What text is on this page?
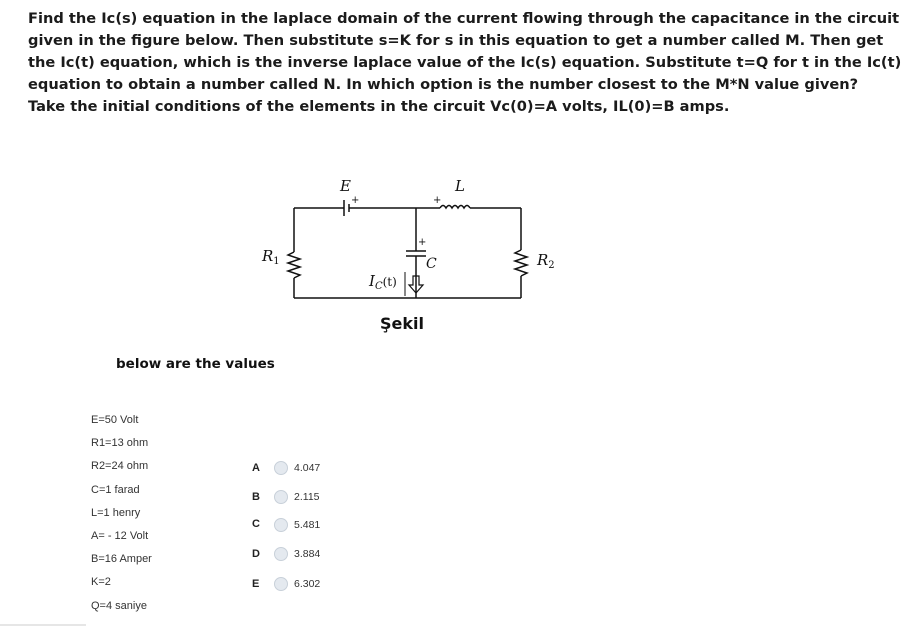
Find the Ic(s) equation in the laplace domain of the current flowing through the capacitance in the circuit
given in the figure below. Then substitute s=K for s in this equation to get a number called M. Then get
the Ic(t) equation, which is the inverse laplace value of the Ic(s) equation. Substitute t=Q for t in the Ic(t)
equation to obtain a number called N. In which option is the number closest to the M*N value given?
Take the initial conditions of the elements in the circuit Vc(0)=A volts, IL(0)=B amps.
E
+
L
+
+
C
$R_1$	$R_2$
$I_C^{(t)}$
Şekil
below are the values
E=50 Volt
R1=13 ohm
R2=24 ohm
C=1 farad
L=1 henry
A= - 12 Volt
B=16 Amper
K=2
Q=4 saniye
A	4.047
B	2.115
C	5.481
D	3.884
E	6.302
